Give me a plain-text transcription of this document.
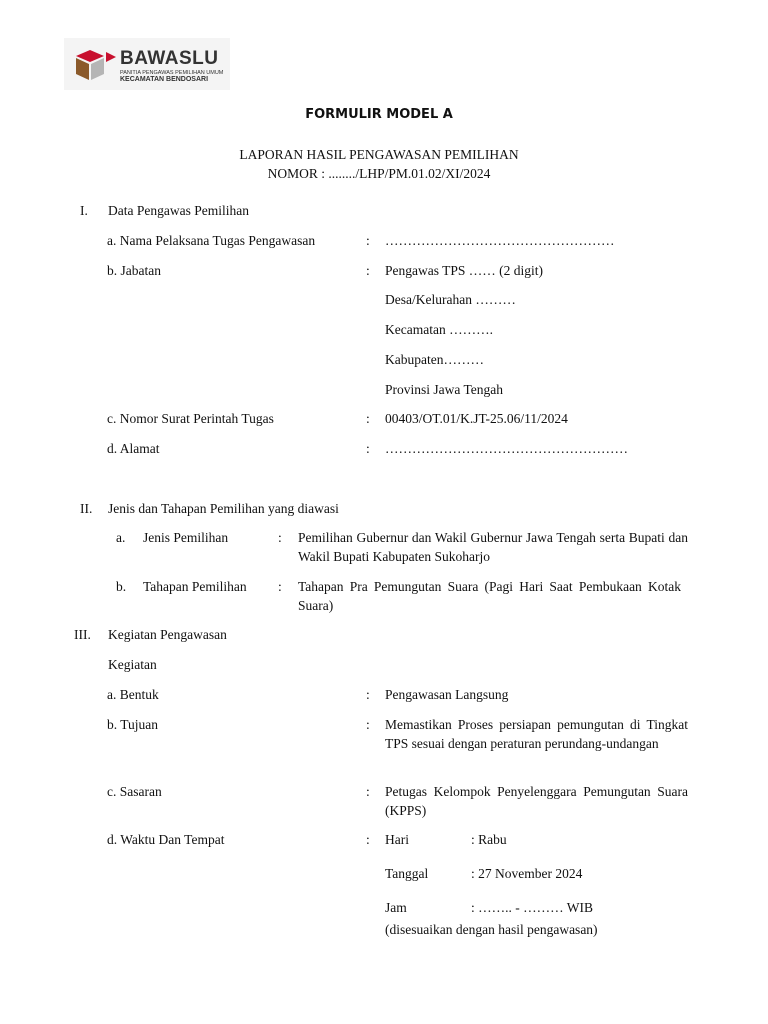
BAWASLU
PANITIA PENGAWAS PEMILIHAN UMUM
KECAMATAN BENDOSARI
FORMULIR MODEL A
LAPORAN HASIL PENGAWASAN PEMILIHAN
NOMOR : ......../LHP/PM.01.02/XI/2024
I. Data Pengawas Pemilihan
a. Nama Pelaksana Tugas Pengawasan	: ……………………………………………
b. Jabatan	: Pengawas TPS …… (2 digit)
Desa/Kelurahan ………
Kecamatan ……….
Kabupaten………
Provinsi Jawa Tengah
c. Nomor Surat Perintah Tugas	: 00403/OT.01/K.JT-25.06/11/2024
d. Alamat	: ………………………………………………
II. Jenis dan Tahapan Pemilihan yang diawasi
a. Jenis Pemilihan	: Pemilihan Gubernur dan Wakil Gubernur Jawa Tengah serta Bupati dan Wakil Bupati Kabupaten Sukoharjo
b. Tahapan Pemilihan : Tahapan Pra Pemungutan Suara (Pagi Hari Saat Pembukaan Kotak Suara)
III. Kegiatan Pengawasan
Kegiatan
a. Bentuk	: Pengawasan Langsung
b. Tujuan	: Memastikan Proses persiapan pemungutan di Tingkat TPS sesuai dengan peraturan perundang-undangan
c. Sasaran	: Petugas Kelompok Penyelenggara Pemungutan Suara (KPPS)
d. Waktu Dan Tempat	: Hari	: Rabu
Tanggal	: 27 November 2024
Jam	: …….. - ……… WIB
(disesuaikan dengan hasil pengawasan)
